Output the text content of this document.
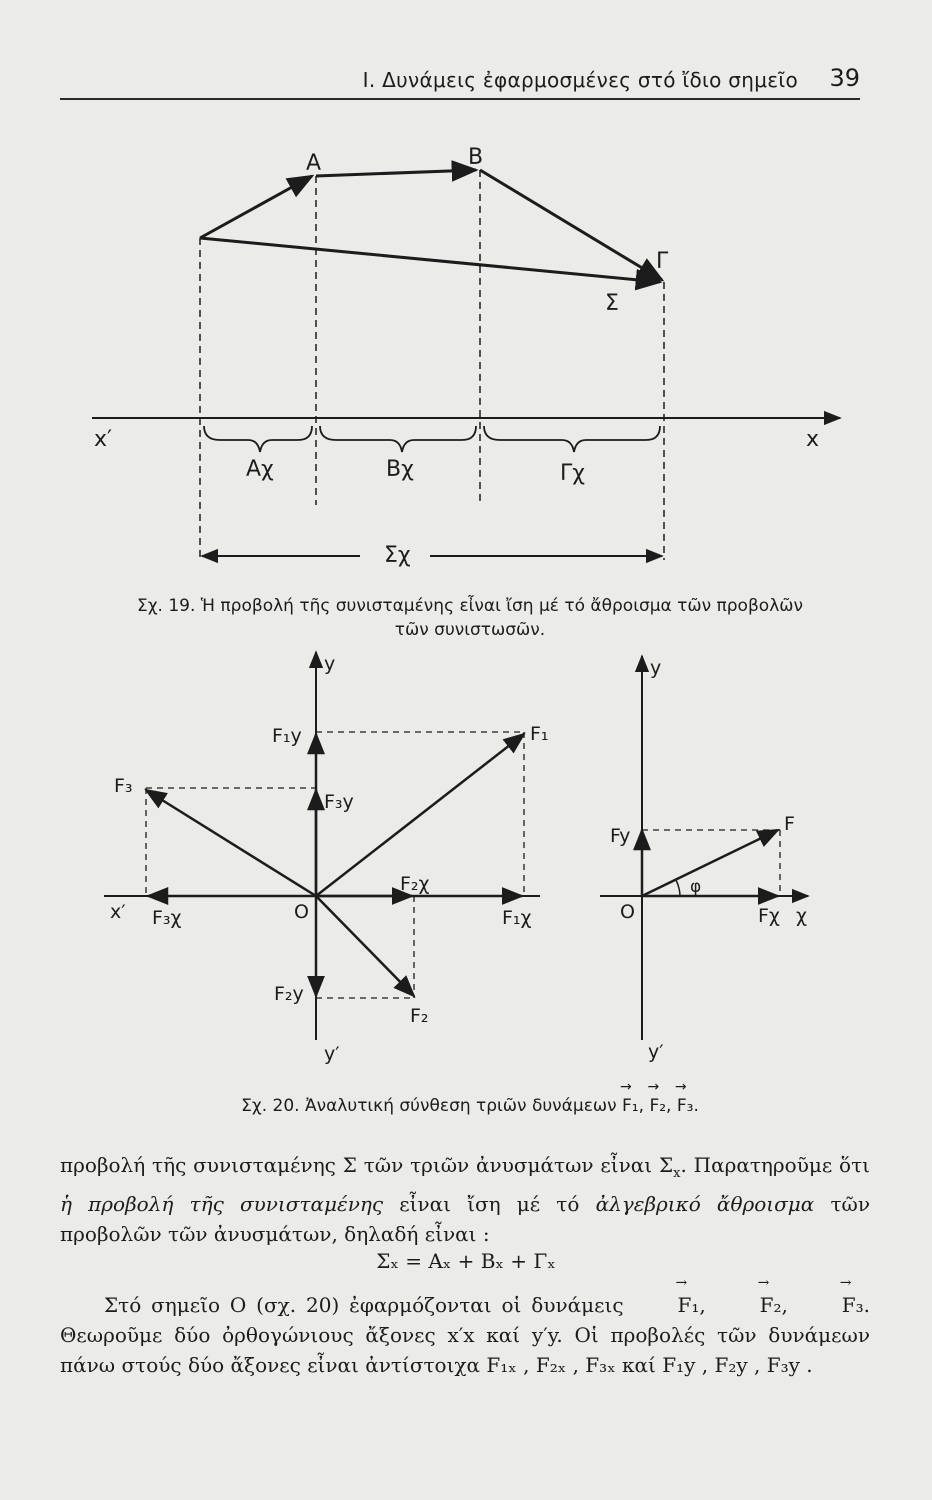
Ι. Δυνάμεις ἐφαρμοσμένες στό ἴδιο σημεῖο 39
Α	Β
Γ
Σ
x′	x
Αχ	Βχ	Γχ
Σχ
y
y′
x′	O
F₁
F₂
F₃
F₁y
F₃y
F₂y
F₂χ
F₁χ
F₃χ
y
y′
O
F
Fy
Fχ χ
φ
Σχ. 19. Ἡ προβολή τῆς συνισταμένης εἶναι ἴση μέ τό ἄθροισμα τῶν προβολῶν τῶν συνιστωσῶν.
Σχ. 20. Ἀναλυτική σύνθεση τριῶν δυνάμεων → F₁, → F₂, → F₃.
προβολή τῆς συνισταμένης Σ τῶν τριῶν ἀνυσμάτων εἶναι $\Sigma_x$. Παρατηροῦμε ὅτι ἡ προβολή τῆς συνισταμένης εἶναι ἴση μέ τό ἀλγεβρικό ἄθροισμα τῶν προβολῶν τῶν ἀνυσμάτων, δηλαδή εἶναι :
Σₓ = Aₓ + Bₓ + Γₓ
Στό σημεῖο O (σχ. 20) ἐφαρμόζονται οἱ δυνάμεις	→ F₁, → F₂, → F₃. Θεωροῦμε δύο ὀρθογώνιους ἄξονες x′x καί y′y. Οἱ προβολές τῶν δυνάμεων πάνω στούς δύο ἄξονες εἶναι ἀντίστοιχα F₁ₓ , F₂ₓ , F₃ₓ καί F₁y , F₂y , F₃y .
